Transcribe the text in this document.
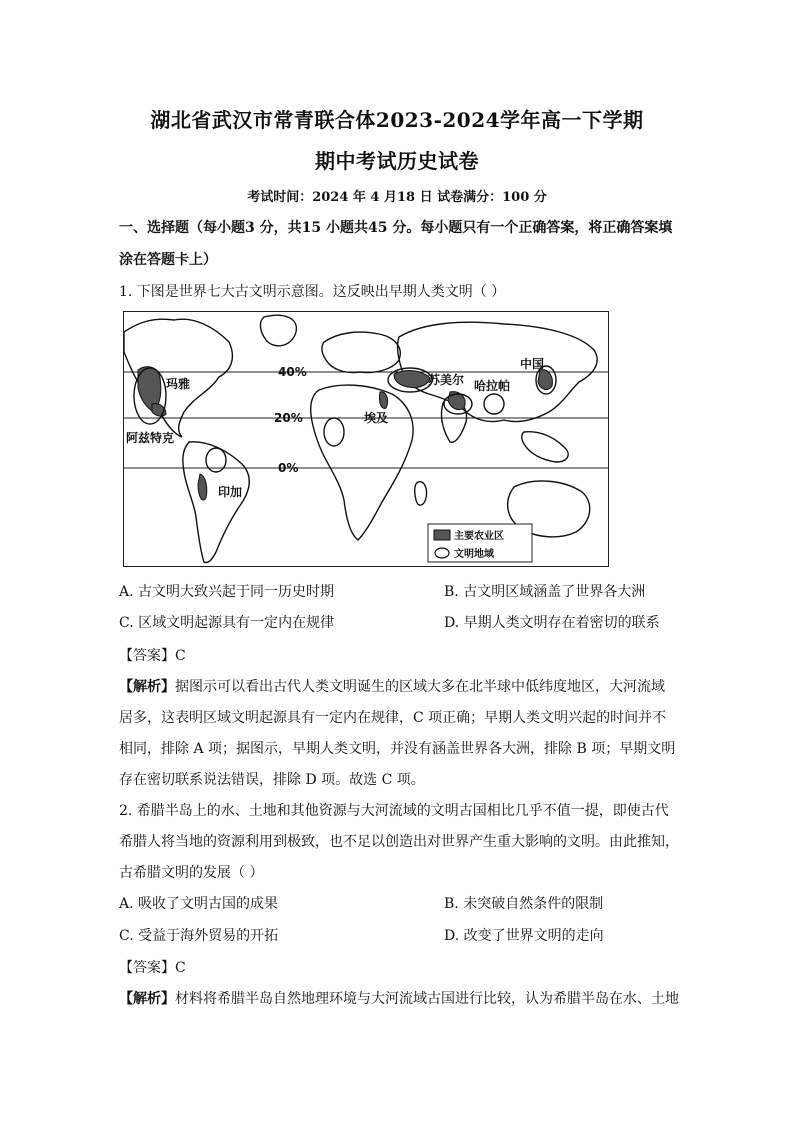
湖北省武汉市常青联合体2023-2024学年高一下学期
期中考试历史试卷
考试时间：2024 年 4 月18 日 试卷满分：100 分
一、选择题（每小题3 分，共15 小题共45 分。每小题只有一个正确答案，将正确答案填
涂在答题卡上）
1. 下图是世界七大古文明示意图。这反映出早期人类文明（ ）
40%
20%
0%
玛雅
阿兹特克
印加
埃及
苏美尔 哈拉帕
中国
主要农业区
文明地域
A. 古文明大致兴起于同一历史时期	B. 古文明区域涵盖了世界各大洲
C. 区域文明起源具有一定内在规律	D. 早期人类文明存在着密切的联系
【答案】C
【解析】据图示可以看出古代人类文明诞生的区域大多在北半球中低纬度地区，大河流域
居多，这表明区域文明起源具有一定内在规律，C 项正确；早期人类文明兴起的时间并不
相同，排除 A 项；据图示，早期人类文明，并没有涵盖世界各大洲，排除 B 项；早期文明
存在密切联系说法错误，排除 D 项。故选 C 项。
2. 希腊半岛上的水、土地和其他资源与大河流域的文明古国相比几乎不值一提，即使古代
希腊人将当地的资源利用到极致，也不足以创造出对世界产生重大影响的文明。由此推知，
古希腊文明的发展（ ）
A. 吸收了文明古国的成果	B. 未突破自然条件的限制
C. 受益于海外贸易的开拓	D. 改变了世界文明的走向
【答案】C
【解析】材料将希腊半岛自然地理环境与大河流域古国进行比较，认为希腊半岛在水、土地
